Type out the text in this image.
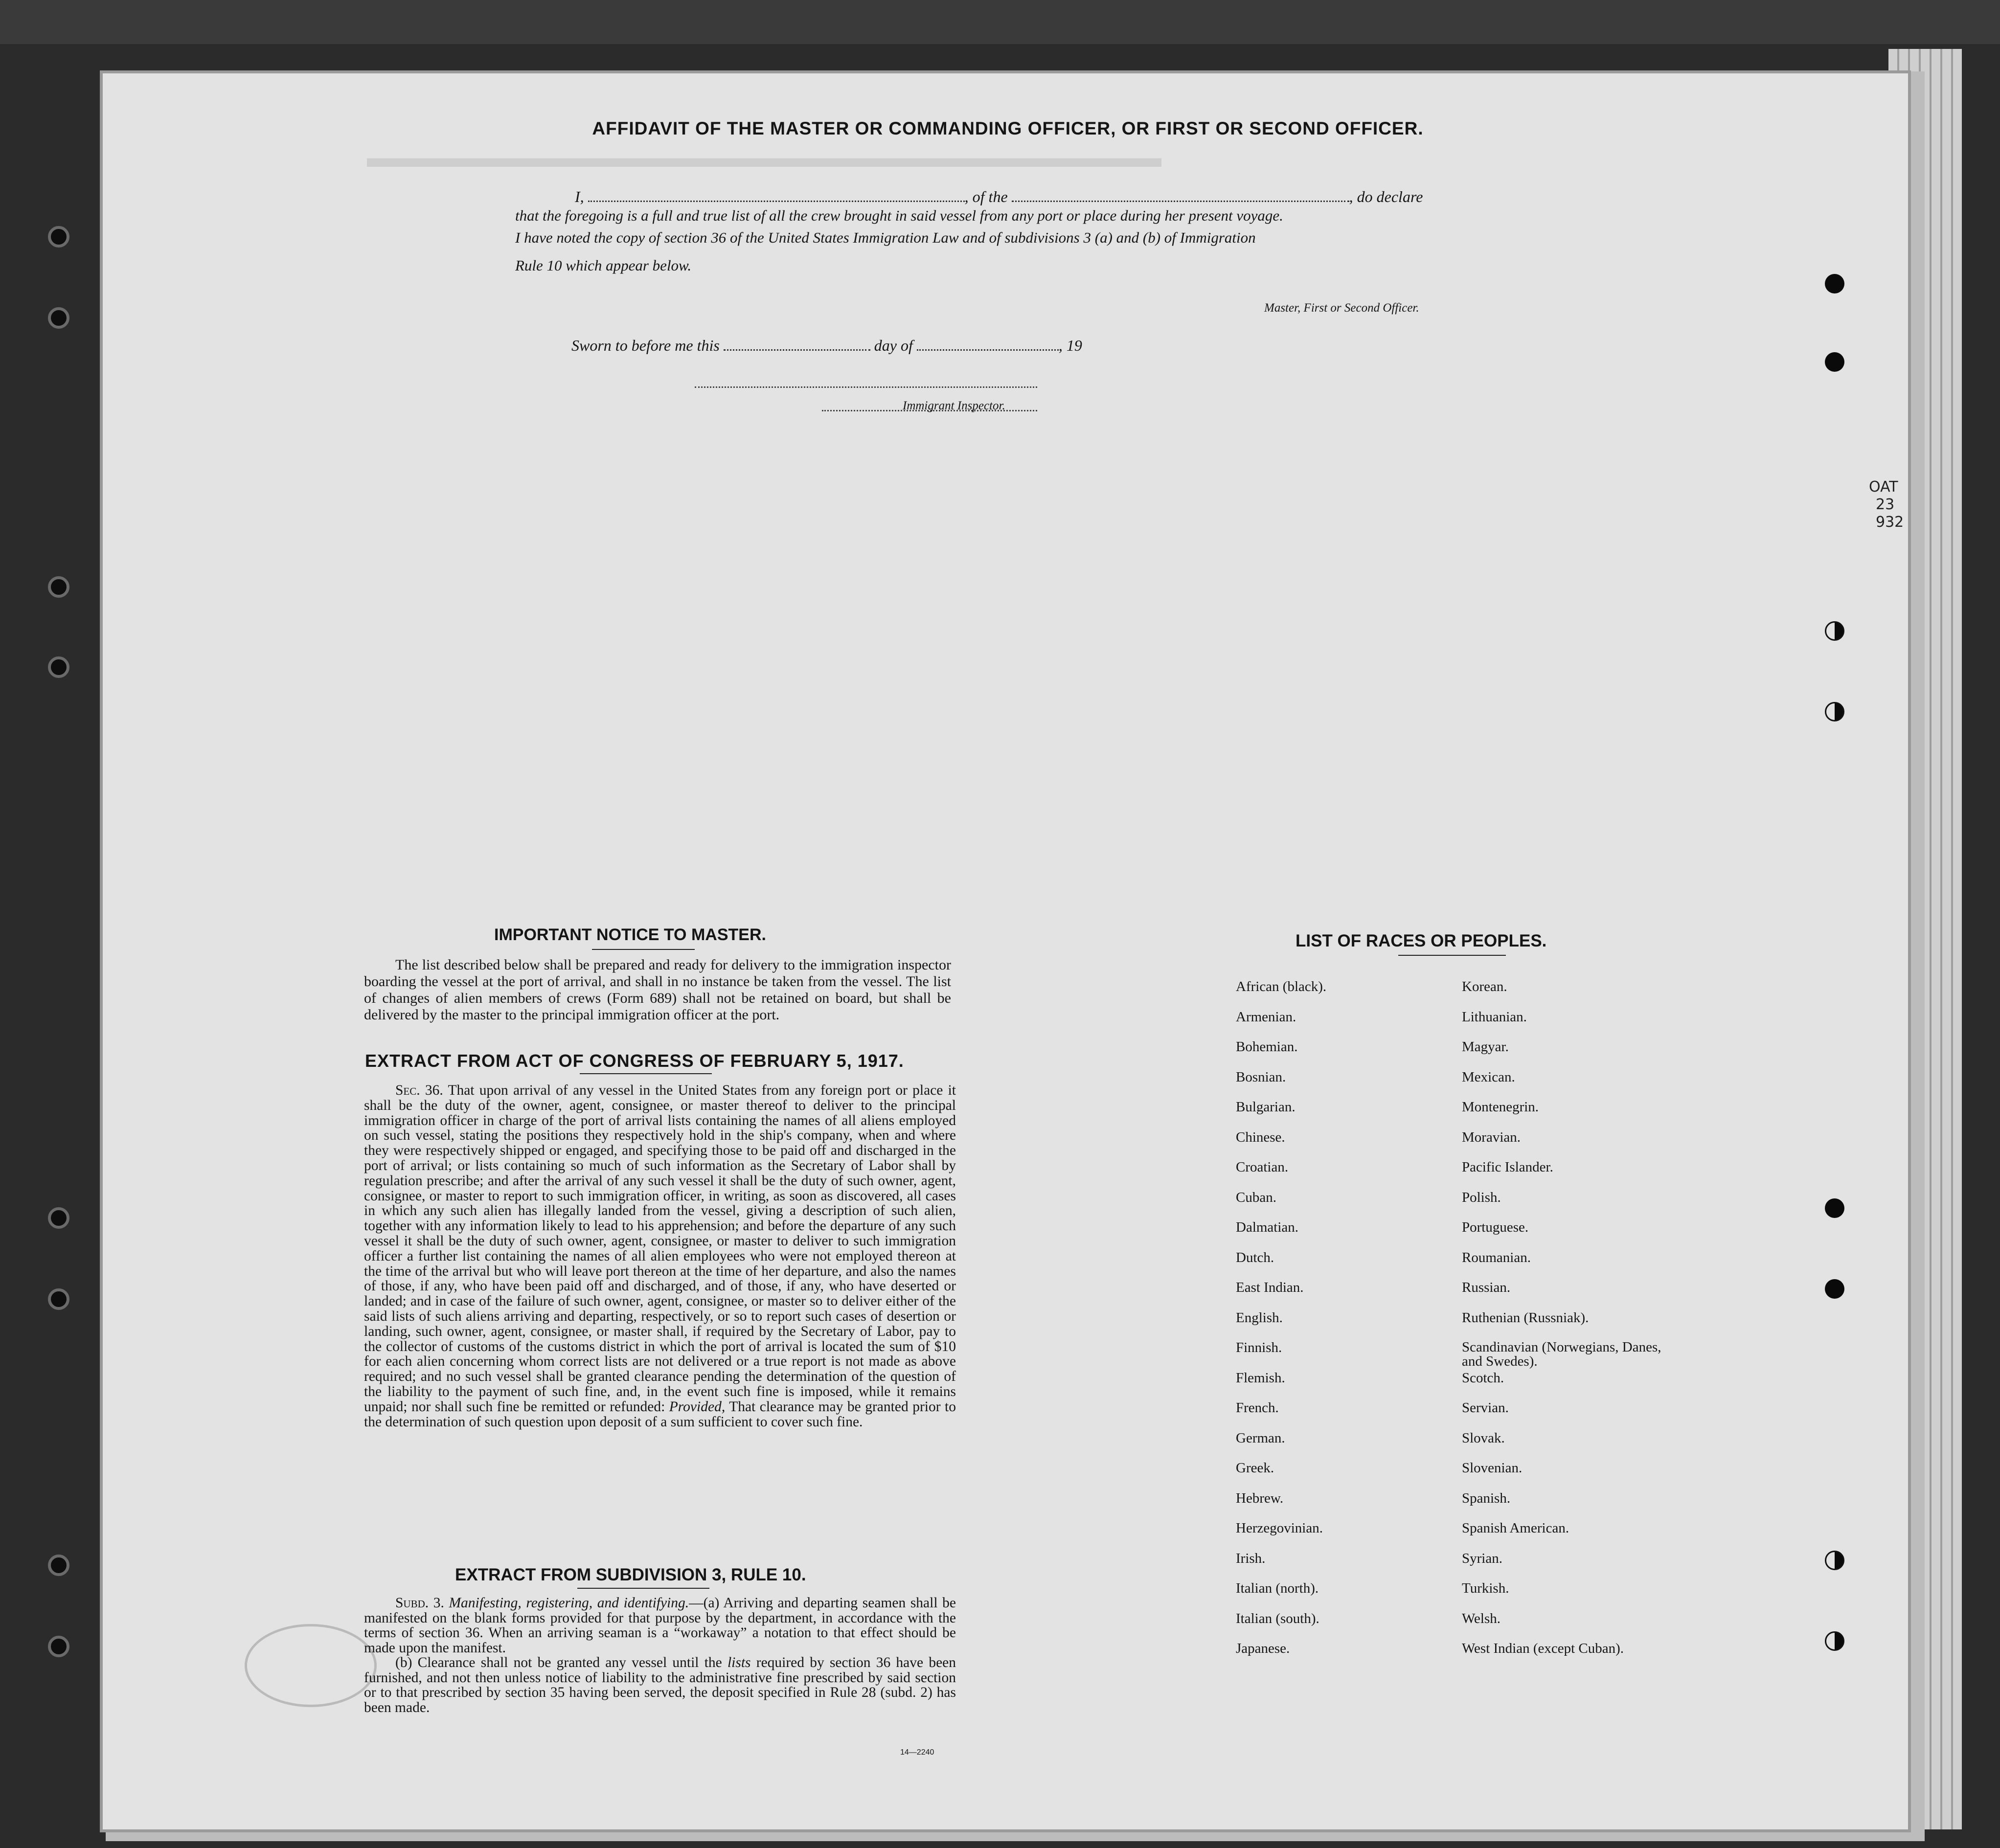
▬▬▬▬▬▬▬▬▬▬▬▬▬▬▬▬▬▬▬▬▬▬▬▬▬▬▬▬
OAT
23
932
AFFIDAVIT OF THE MASTER OR COMMANDING OFFICER, OR FIRST OR SECOND OFFICER.
I,	, of the	, do declare
that the foregoing is a full and true list of all the crew brought in said vessel from any port or place during her present voyage.
I have noted the copy of section 36 of the United States Immigration Law and of subdivisions 3 (a) and (b) of Immigration
Rule 10 which appear below.
Master, First or Second Officer.
Sworn to before me this	day of	, 19
Immigrant Inspector.
IMPORTANT NOTICE TO MASTER.

The list described below shall be prepared and ready for delivery to the immigration inspector boarding the vessel at the port of arrival, and shall in no instance be taken from the vessel. The list of changes of alien members of crews (Form 689) shall not be retained on board, but shall be delivered by the master to the principal immigration officer at the port.

EXTRACT FROM ACT OF CONGRESS OF FEBRUARY 5, 1917.

Sec. 36. That upon arrival of any vessel in the United States from any foreign port or place it shall be the duty of the owner, agent, consignee, or master thereof to deliver to the principal immigration officer in charge of the port of arrival lists containing the names of all aliens employed on such vessel, stating the positions they respectively hold in the ship's company, when and where they were respectively shipped or engaged, and specifying those to be paid off and discharged in the port of arrival; or lists containing so much of such information as the Secretary of Labor shall by regulation prescribe; and after the arrival of any such vessel it shall be the duty of such owner, agent, consignee, or master to report to such immigration officer, in writing, as soon as discovered, all cases in which any such alien has illegally landed from the vessel, giving a description of such alien, together with any information likely to lead to his apprehension; and before the departure of any such vessel it shall be the duty of such owner, agent, consignee, or master to deliver to such immigration officer a further list containing the names of all alien employees who were not employed thereon at the time of the arrival but who will leave port thereon at the time of her departure, and also the names of those, if any, who have been paid off and discharged, and of those, if any, who have deserted or landed; and in case of the failure of such owner, agent, consignee, or master so to deliver either of the said lists of such aliens arriving and departing, respectively, or so to report such cases of desertion or landing, such owner, agent, consignee, or master shall, if required by the Secretary of Labor, pay to the collector of customs of the customs district in which the port of arrival is located the sum of $10 for each alien concerning whom correct lists are not delivered or a true report is not made as above required; and no such vessel shall be granted clearance pending the determination of the question of the liability to the payment of such fine, and, in the event such fine is imposed, while it remains unpaid; nor shall such fine be remitted or refunded: Provided, That clearance may be granted prior to the determination of such question upon deposit of a sum sufficient to cover such fine.

EXTRACT FROM SUBDIVISION 3, RULE 10.

Subd. 3. Manifesting, registering, and identifying.—(a) Arriving and departing seamen shall be manifested on the blank forms provided for that purpose by the department, in accordance with the terms of section 36. When an arriving seaman is a “workaway” a notation to that effect should be made upon the manifest.

(b) Clearance shall not be granted any vessel until the lists required by section 36 have been furnished, and not then unless notice of liability to the administrative fine prescribed by said section or to that prescribed by section 35 having been served, the deposit specified in Rule 28 (subd. 2) has been made.

14—2240
LIST OF RACES OR PEOPLES.
African (black).
Armenian.
Bohemian.
Bosnian.
Bulgarian.
Chinese.
Croatian.
Cuban.
Dalmatian.
Dutch.
East Indian.
English.
Finnish.
Flemish.
French.
German.
Greek.
Hebrew.
Herzegovinian.
Irish.
Italian (north).
Italian (south).
Japanese.
Korean.
Lithuanian.
Magyar.
Mexican.
Montenegrin.
Moravian.
Pacific Islander.
Polish.
Portuguese.
Roumanian.
Russian.
Ruthenian (Russniak).
Scandinavian (Norwegians, Danes, and Swedes).
Scotch.
Servian.
Slovak.
Slovenian.
Spanish.
Spanish American.
Syrian.
Turkish.
Welsh.
West Indian (except Cuban).
